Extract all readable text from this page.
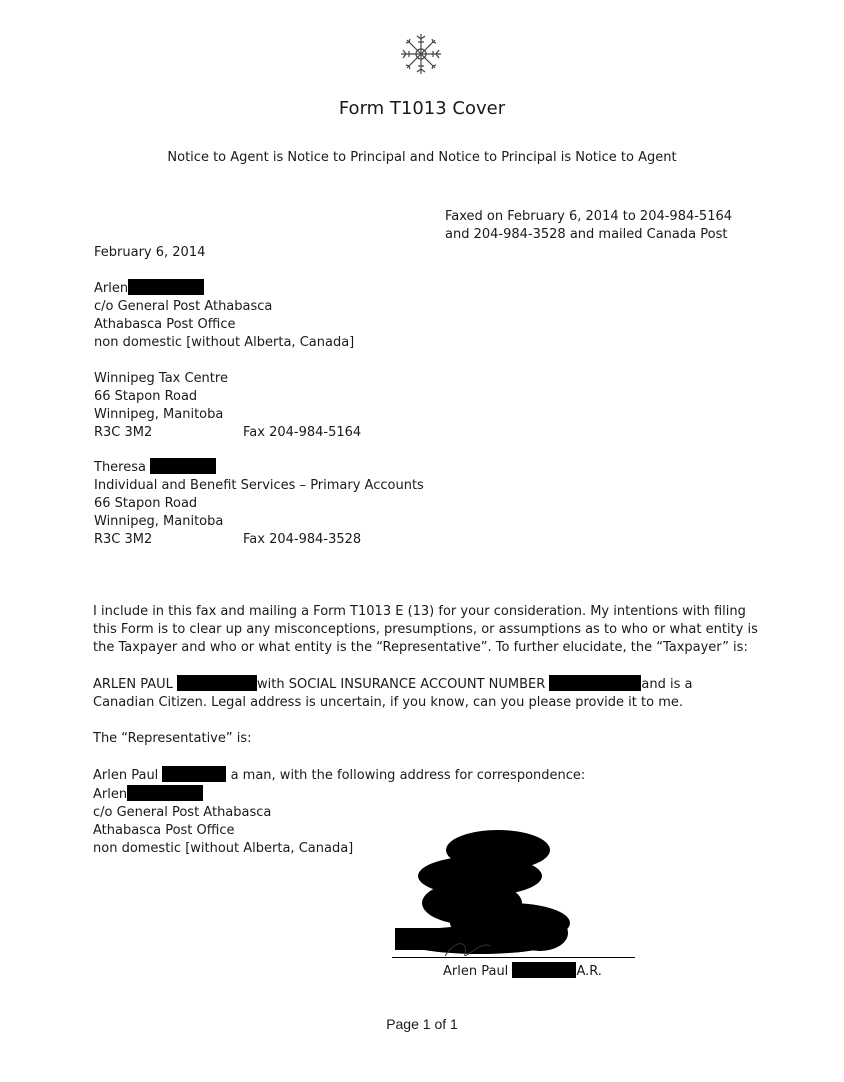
Form T1013 Cover
Notice to Agent is Notice to Principal and Notice to Principal is Notice to Agent
Faxed on February 6, 2014 to 204-984-5164
and 204-984-3528 and mailed Canada Post
February 6, 2014
Arlen
c/o General Post Athabasca
Athabasca Post Office
non domestic [without Alberta, Canada]
Winnipeg Tax Centre
66 Stapon Road
Winnipeg, Manitoba
R3C 3M2	Fax 204-984-5164
Theresa
Individual and Benefit Services – Primary Accounts
66 Stapon Road
Winnipeg, Manitoba
R3C 3M2	Fax 204-984-3528
I include in this fax and mailing a Form T1013 E (13) for your consideration. My intentions with filing
this Form is to clear up any misconceptions, presumptions, or assumptions as to who or what entity is
the Taxpayer and who or what entity is the “Representative”. To further elucidate, the “Taxpayer” is:
ARLEN PAUL	with SOCIAL INSURANCE ACCOUNT NUMBER	and is a
Canadian Citizen. Legal address is uncertain, if you know, can you please provide it to me.
The “Representative” is:
Arlen Paul	a man, with the following address for correspondence:
Arlen
c/o General Post Athabasca
Athabasca Post Office
non domestic [without Alberta, Canada]
Arlen Paul	A.R.
Page 1 of 1
